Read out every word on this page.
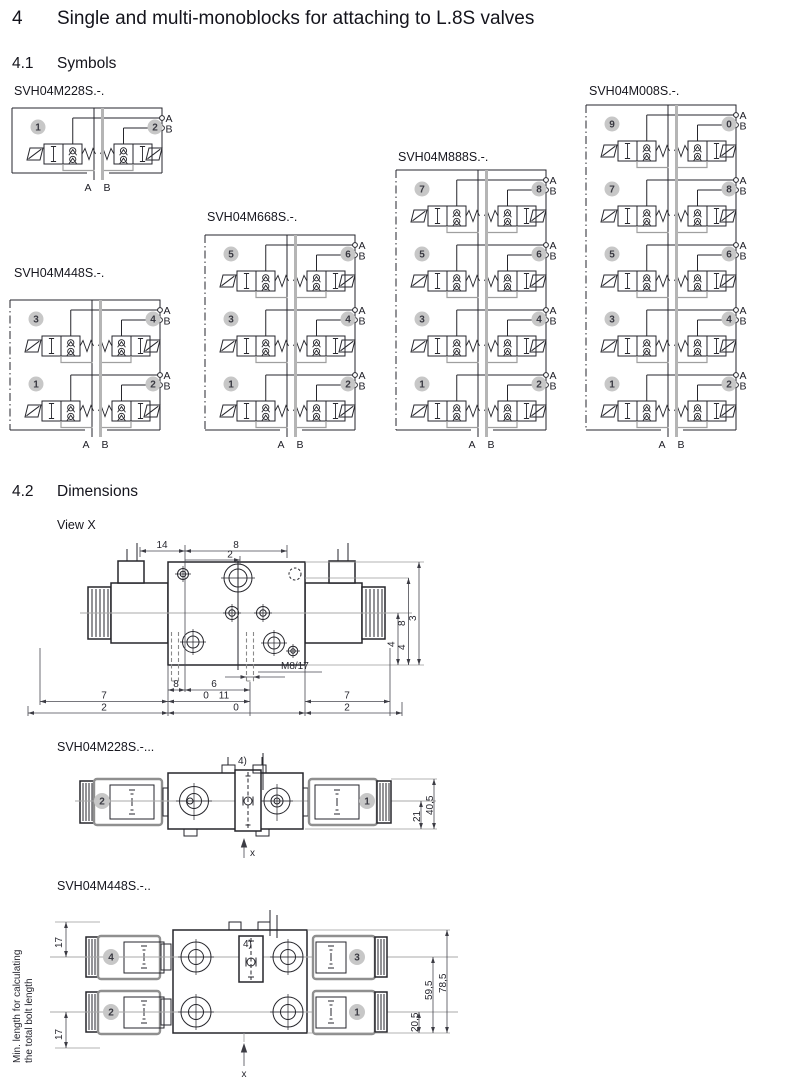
4 Single and multi-monoblocks for attaching to L.8S valves
4.1 Symbols
SVH04M228S.-.
A
B
1	2
A B
SVH04M448S.-.
A
B
3	4
A
B
1	2
A B
SVH04M668S.-.
A
B
5	6
A
B
3	4
A
B
1	2
A B
SVH04M888S.-.
A
B
7	8
A
B
5	6
A
B
3	4
A
B
1	2
A B
SVH04M008S.-.
A
B
9	0
A
B
7	8
A
B
5	6
A
B
3	4
A
B
1	2
A B
4.2 Dimensions
View X
14	8
2
4
4
8
3
M8/17
8	6
7	0 11	7
2	0	2
SVH04M228S.-...
4)
2	1	40,5
21
x
SVH04M448S.-..
Min. length for calculating the total bolt length
4)
4	3
2	1
17
17
78,5
59,5
20,5
x
